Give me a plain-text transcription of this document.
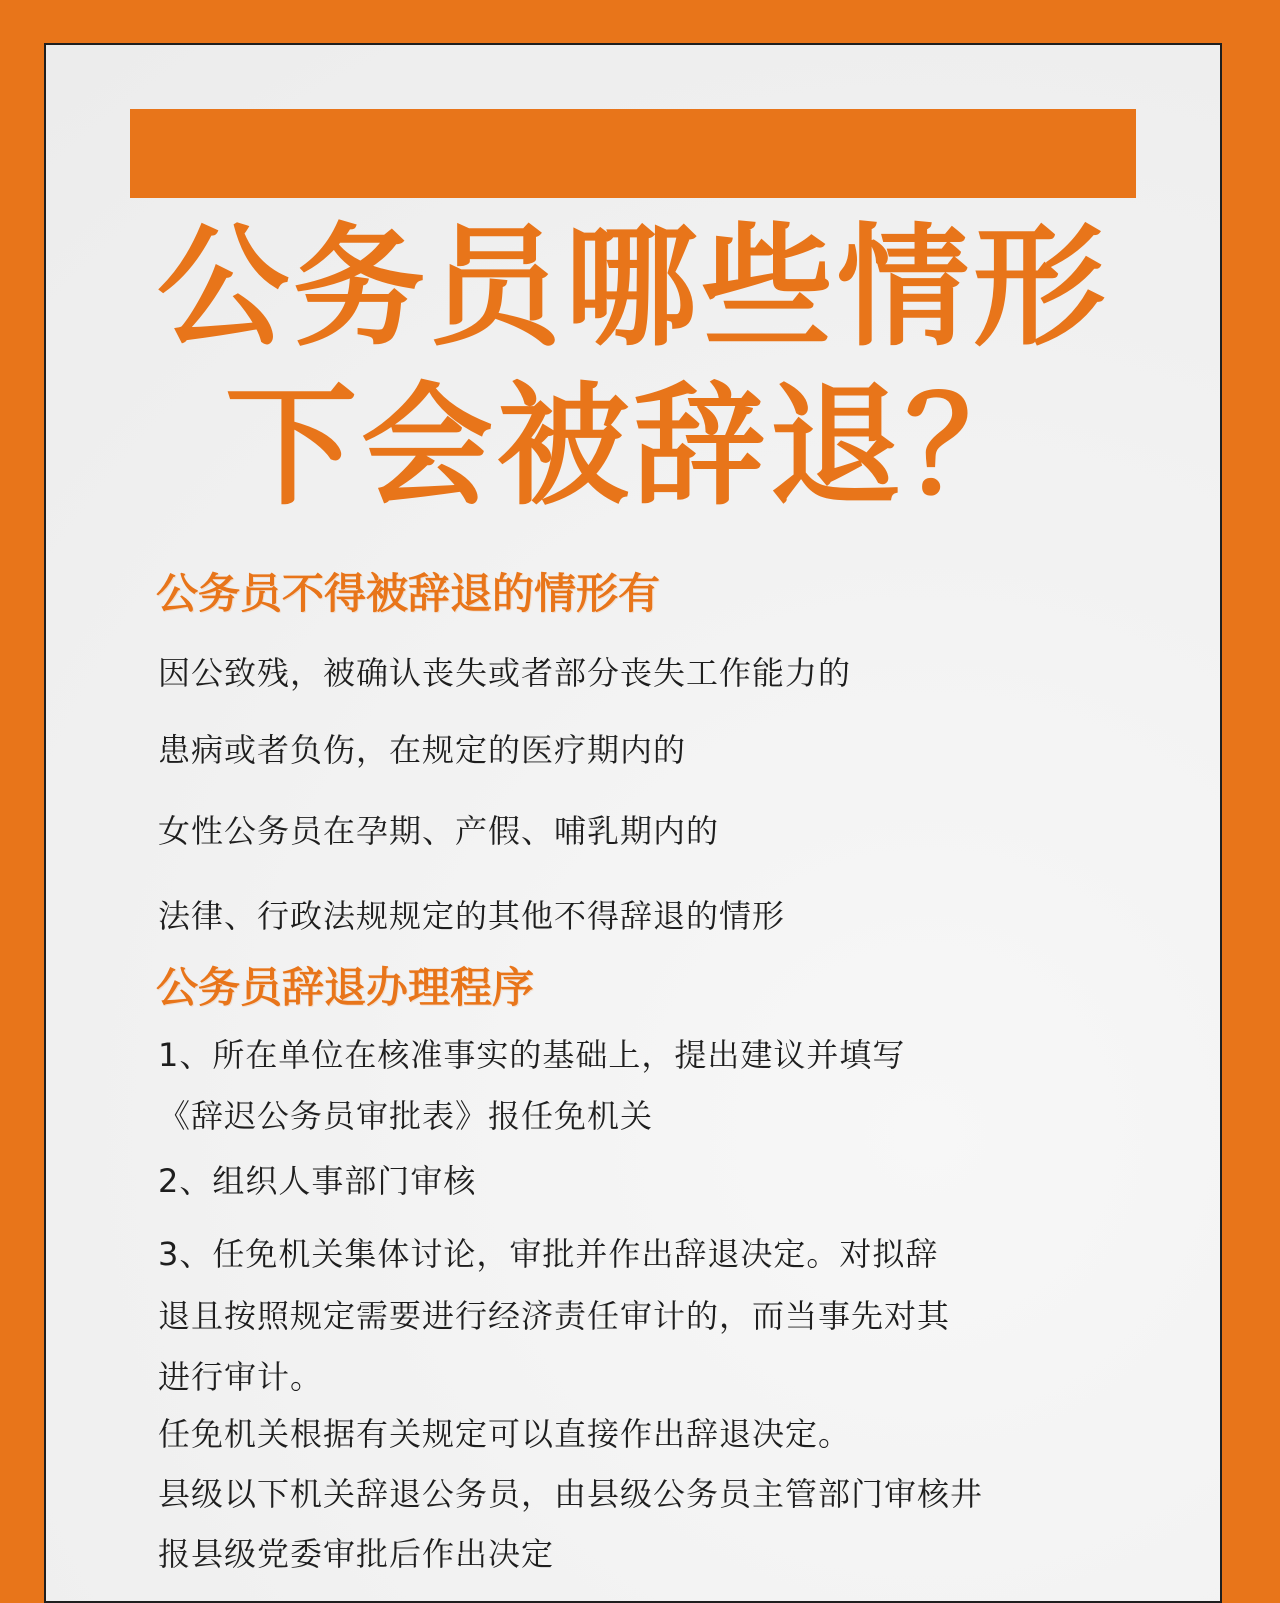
公务员哪些情形
下会被辞退？
公务员不得被辞退的情形有
因公致残，被确认丧失或者部分丧失工作能力的
患病或者负伤，在规定的医疗期内的
女性公务员在孕期、产假、哺乳期内的
法律、行政法规规定的其他不得辞退的情形
公务员辞退办理程序
1、所在单位在核准事实的基础上，提出建议并填写
《辞迟公务员审批表》报任免机关
2、组织人事部门审核
3、任免机关集体讨论，审批并作出辞退决定。对拟辞
退且按照规定需要进行经济责任审计的，而当事先对其
进行审计。
任免机关根据有关规定可以直接作出辞退决定。
县级以下机关辞退公务员，由县级公务员主管部门审核井
报县级党委审批后作出决定
